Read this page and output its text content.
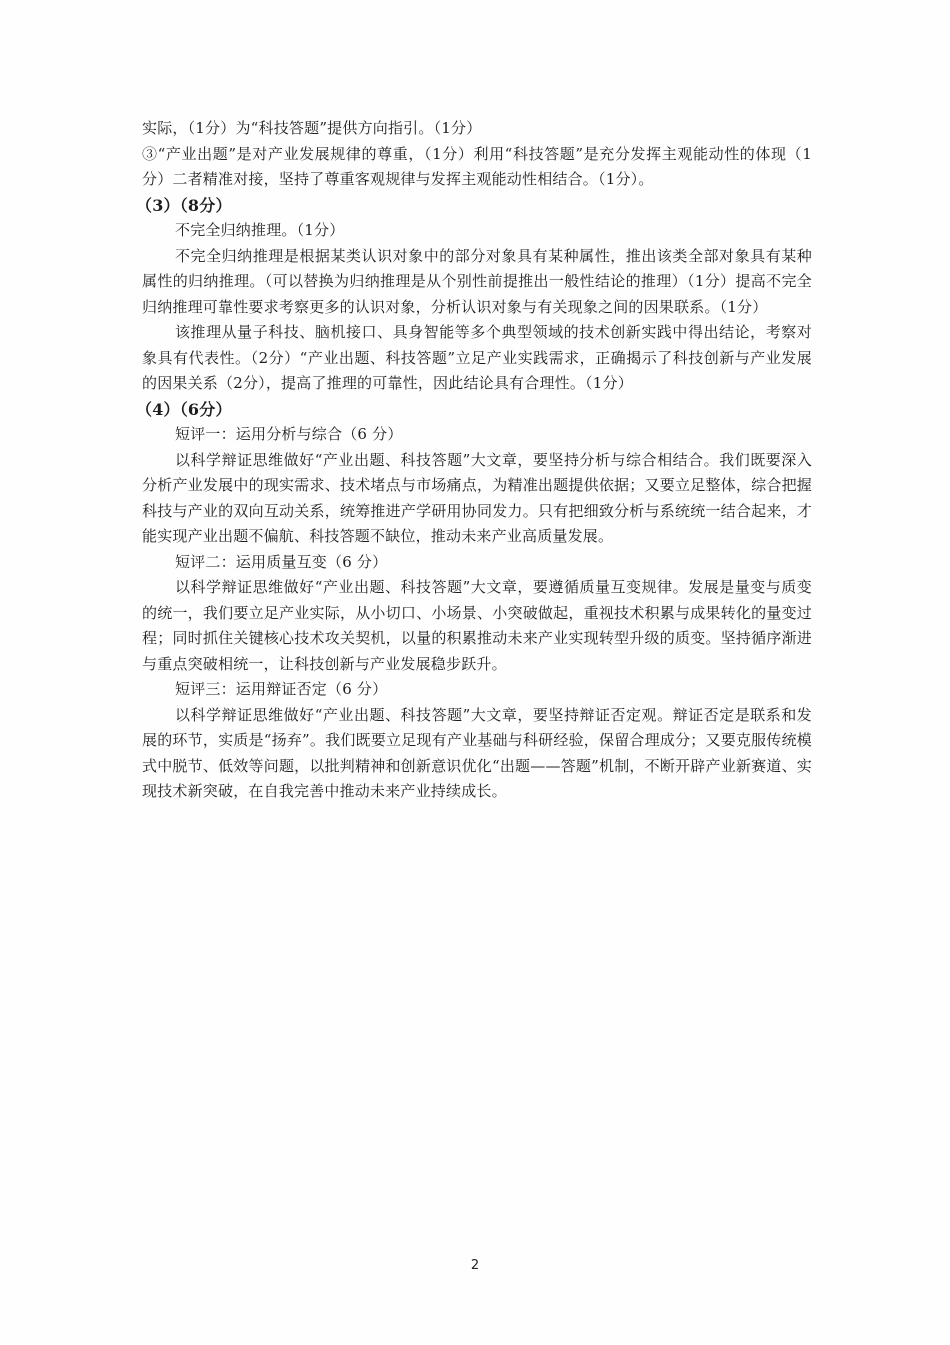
实际，（1分）为“科技答题”提供方向指引。（1分）

③“产业出题”是对产业发展规律的尊重，（1分）利用“科技答题”是充分发挥主观能动性的体现（1分）二者精准对接，坚持了尊重客观规律与发挥主观能动性相结合。（1分）。

（3）（8分）

不完全归纳推理。（1分）

不完全归纳推理是根据某类认识对象中的部分对象具有某种属性，推出该类全部对象具有某种属性的归纳推理。（可以替换为归纳推理是从个别性前提推出一般性结论的推理）（1分）提高不完全归纳推理可靠性要求考察更多的认识对象，分析认识对象与有关现象之间的因果联系。（1分）

该推理从量子科技、脑机接口、具身智能等多个典型领域的技术创新实践中得出结论，考察对象具有代表性。（2分）“产业出题、科技答题”立足产业实践需求，正确揭示了科技创新与产业发展的因果关系（2分），提高了推理的可靠性，因此结论具有合理性。（1分）

（4）（6分）

短评一：运用分析与综合（6 分）

以科学辩证思维做好“产业出题、科技答题”大文章，要坚持分析与综合相结合。我们既要深入分析产业发展中的现实需求、技术堵点与市场痛点，为精准出题提供依据；又要立足整体，综合把握科技与产业的双向互动关系，统筹推进产学研用协同发力。只有把细致分析与系统统一结合起来，才能实现产业出题不偏航、科技答题不缺位，推动未来产业高质量发展。

短评二：运用质量互变（6 分）

以科学辩证思维做好“产业出题、科技答题”大文章，要遵循质量互变规律。发展是量变与质变的统一，我们要立足产业实际，从小切口、小场景、小突破做起，重视技术积累与成果转化的量变过程；同时抓住关键核心技术攻关契机，以量的积累推动未来产业实现转型升级的质变。坚持循序渐进与重点突破相统一，让科技创新与产业发展稳步跃升。

短评三：运用辩证否定（6 分）

以科学辩证思维做好“产业出题、科技答题”大文章，要坚持辩证否定观。辩证否定是联系和发展的环节，实质是“扬弃”。我们既要立足现有产业基础与科研经验，保留合理成分；又要克服传统模式中脱节、低效等问题，以批判精神和创新意识优化“出题——答题”机制，不断开辟产业新赛道、实现技术新突破，在自我完善中推动未来产业持续成长。

2
